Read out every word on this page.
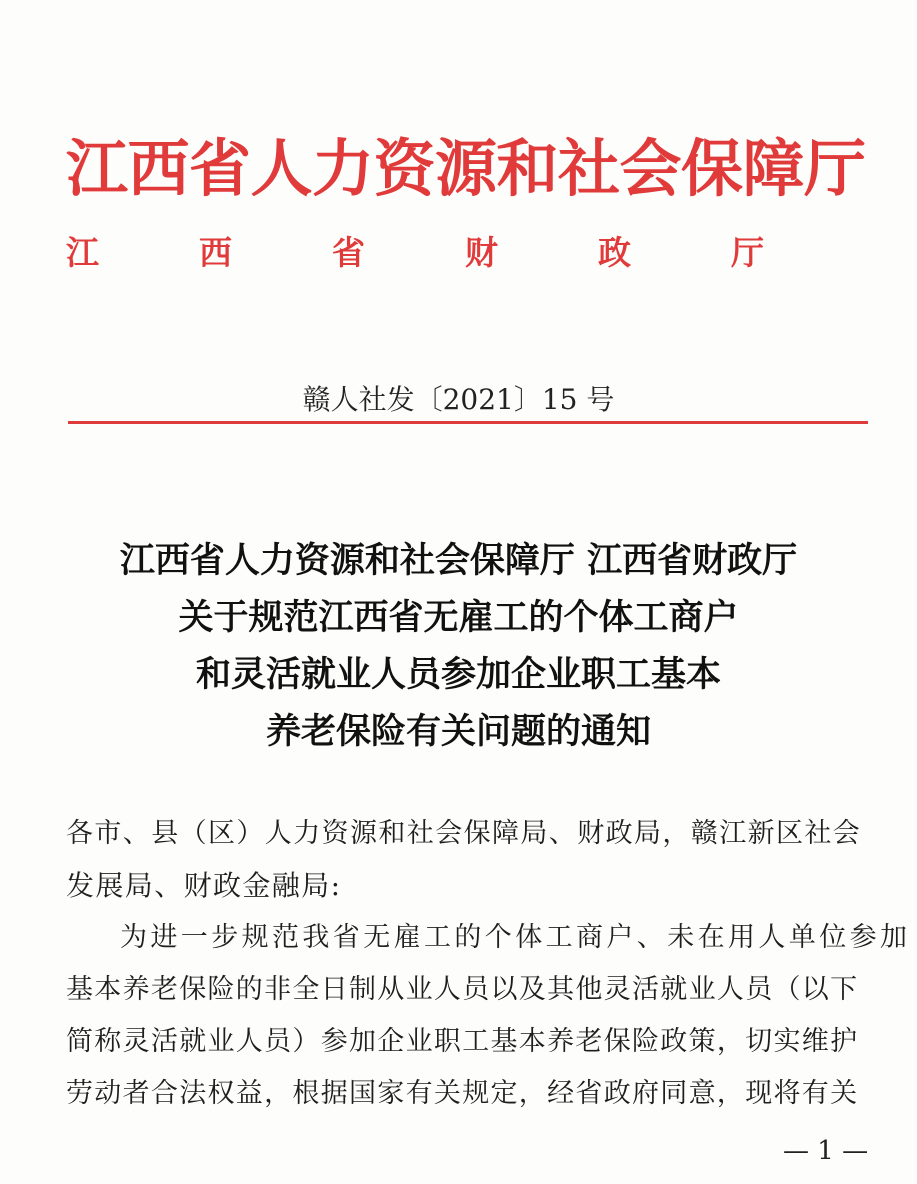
江西省人力资源和社会保障厅
江西省财政厅
赣人社发〔2021〕15 号
江西省人力资源和社会保障厅 江西省财政厅
关于规范江西省无雇工的个体工商户
和灵活就业人员参加企业职工基本
养老保险有关问题的通知
各市、县（区）人力资源和社会保障局、财政局，赣江新区社会
发展局、财政金融局:
为进一步规范我省无雇工的个体工商户、未在用人单位参加
基本养老保险的非全日制从业人员以及其他灵活就业人员（以下
简称灵活就业人员）参加企业职工基本养老保险政策，切实维护
劳动者合法权益，根据国家有关规定，经省政府同意，现将有关
— 1 —
